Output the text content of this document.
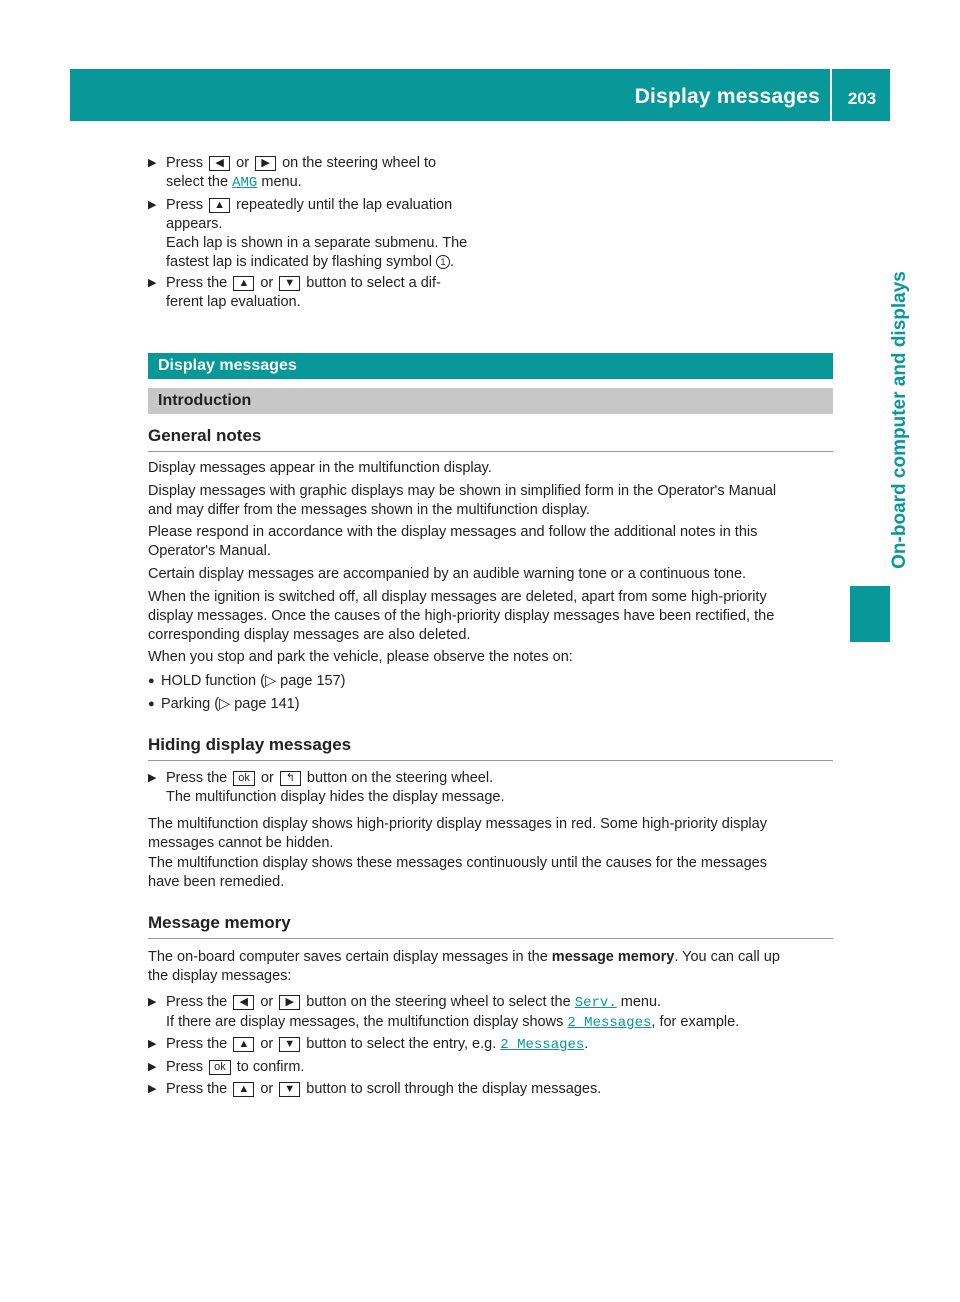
Display messages	203
On-board computer and displays
▶ Press ◀ or ▶ on the steering wheel to
select the AMG menu.
▶ Press ▲ repeatedly until the lap evaluation
appears.
Each lap is shown in a separate submenu. The
fastest lap is indicated by flashing symbol 1 .
▶ Press the ▲ or ▼ button to select a dif-
ferent lap evaluation.
Display messages
Introduction
General notes
Display messages appear in the multifunction display.
Display messages with graphic displays may be shown in simplified form in the Operator's Manual
and may differ from the messages shown in the multifunction display.
Please respond in accordance with the display messages and follow the additional notes in this
Operator's Manual.
Certain display messages are accompanied by an audible warning tone or a continuous tone.
When the ignition is switched off, all display messages are deleted, apart from some high-priority
display messages. Once the causes of the high-priority display messages have been rectified, the
corresponding display messages are also deleted.
When you stop and park the vehicle, please observe the notes on:
● HOLD function (▷ page 157)
● Parking (▷ page 141)
Hiding display messages
▶ Press the ok or ↰ button on the steering wheel.
The multifunction display hides the display message.
The multifunction display shows high-priority display messages in red. Some high-priority display
messages cannot be hidden.
The multifunction display shows these messages continuously until the causes for the messages
have been remedied.
Message memory
The on-board computer saves certain display messages in the message memory. You can call up
the display messages:
▶ Press the ◀ or ▶ button on the steering wheel to select the Serv. menu.
If there are display messages, the multifunction display shows 2 Messages, for example.
▶ Press the ▲ or ▼ button to select the entry, e.g. 2 Messages.
▶ Press ok to confirm.
▶ Press the ▲ or ▼ button to scroll through the display messages.
